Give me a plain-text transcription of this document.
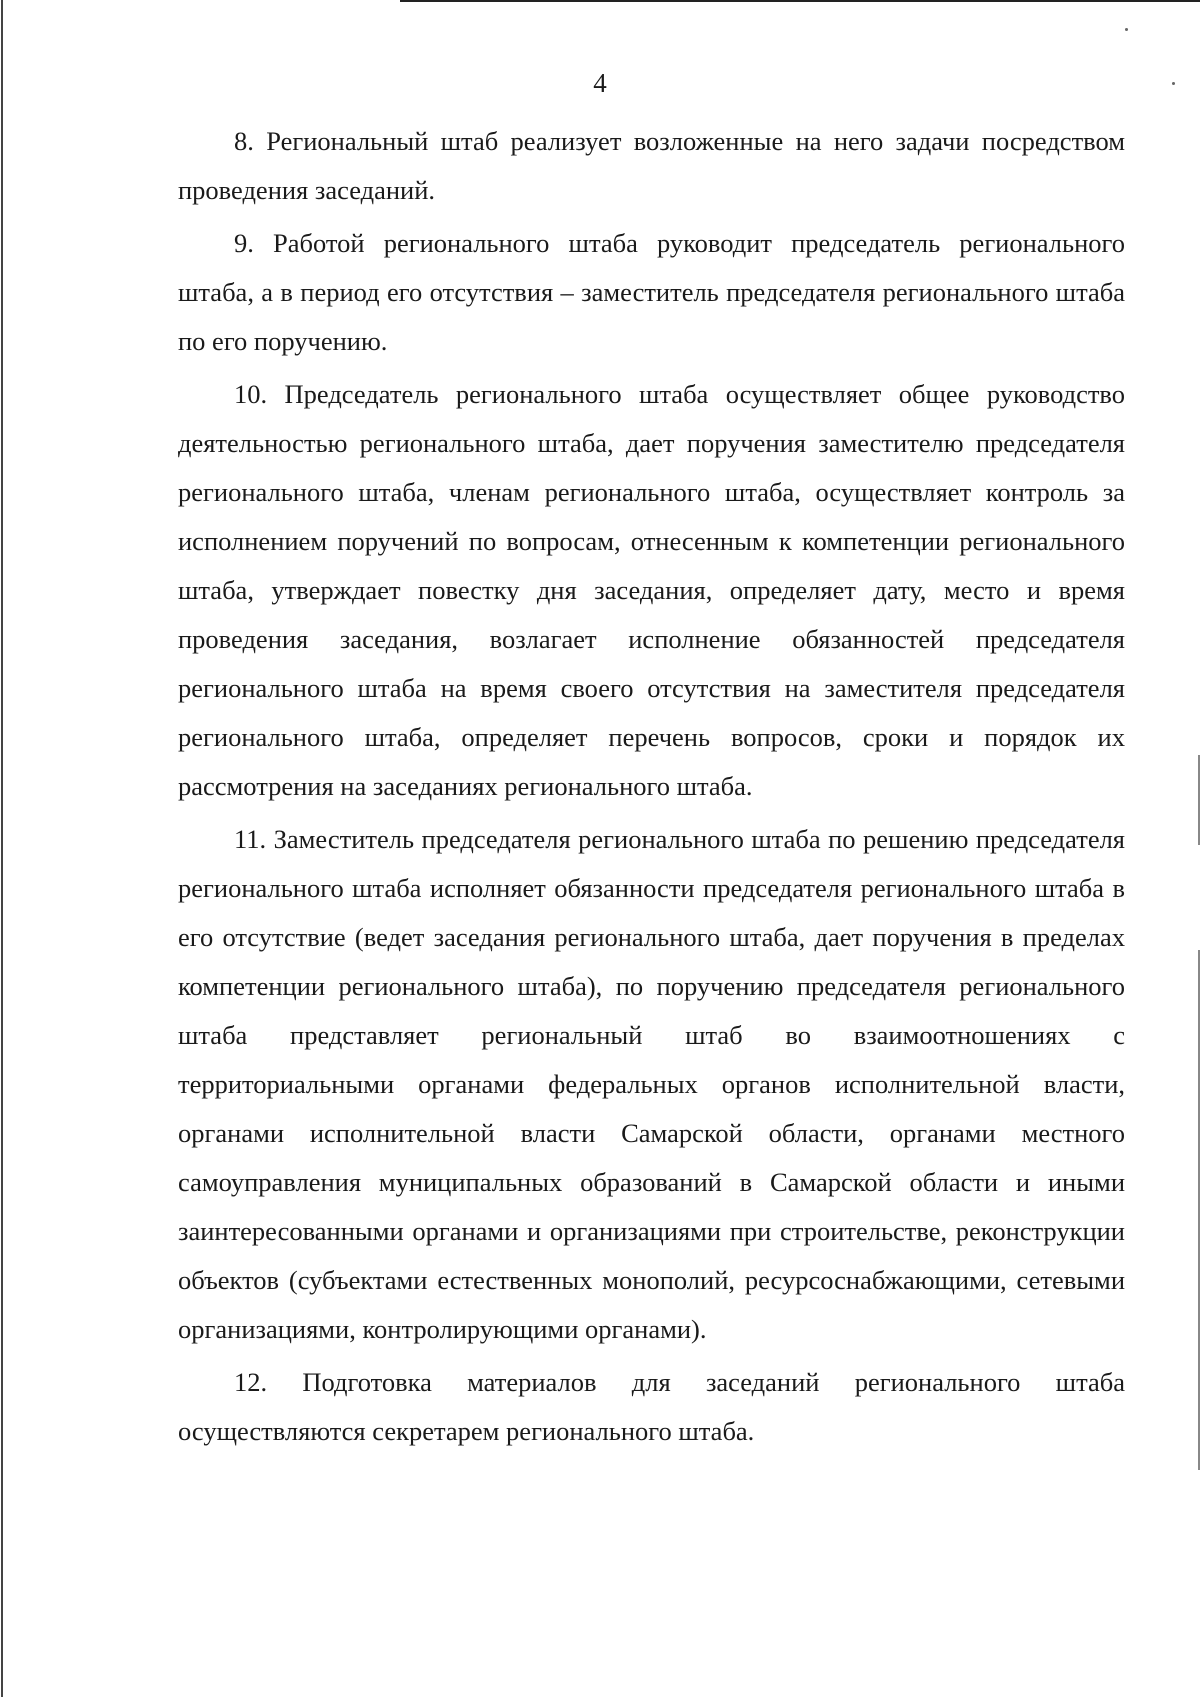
4

8. Региональный штаб реализует возложенные на него задачи посредством проведения заседаний.

9. Работой регионального штаба руководит председатель регионального штаба, а в период его отсутствия – заместитель председателя регионального штаба по его поручению.

10. Председатель регионального штаба осуществляет общее руководство деятельностью регионального штаба, дает поручения заместителю председателя регионального штаба, членам регионального штаба, осуществляет контроль за исполнением поручений по вопросам, отнесенным к компетенции регионального штаба, утверждает повестку дня заседания, определяет дату, место и время проведения заседания, возлагает исполнение обязанностей председателя регионального штаба на время своего отсутствия на заместителя председателя регионального штаба, определяет перечень вопросов, сроки и порядок их рассмотрения на заседаниях регионального штаба.

11. Заместитель председателя регионального штаба по решению председателя регионального штаба исполняет обязанности председателя регионального штаба в его отсутствие (ведет заседания регионального штаба, дает поручения в пределах компетенции регионального штаба), по поручению председателя регионального штаба представляет региональный штаб во взаимоотношениях с территориальными органами федеральных органов исполнительной власти, органами исполнительной власти Самарской области, органами местного самоуправления муниципальных образований в Самарской области и иными заинтересованными органами и организациями при строительстве, реконструкции объектов (субъектами естественных монополий, ресурсоснабжающими, сетевыми организациями, контролирующими органами).

12. Подготовка материалов для заседаний регионального штаба осуществляются секретарем регионального штаба.
